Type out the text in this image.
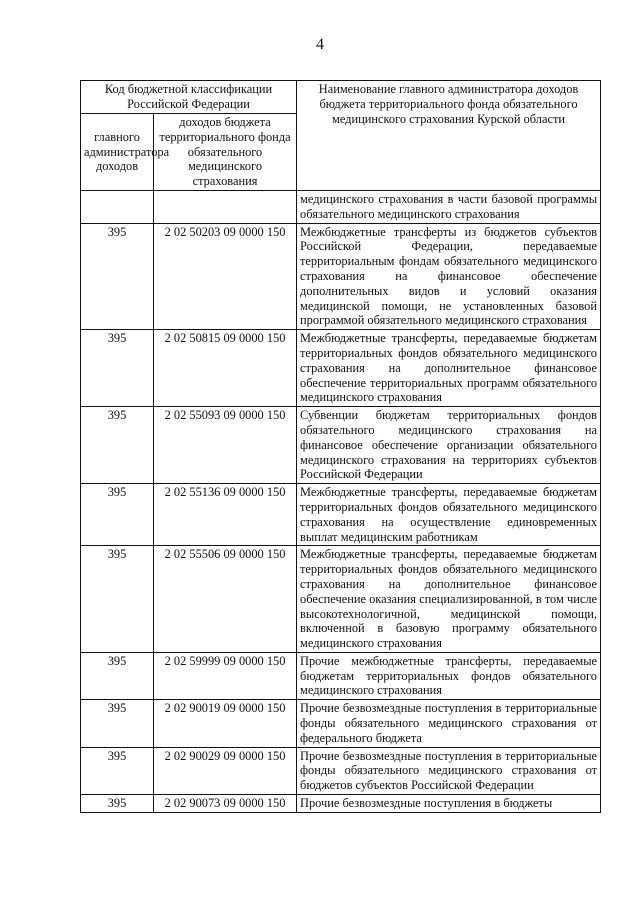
4
Код бюджетной классификации Российской Федерации		Наименование главного администратора доходов бюджета территориального фонда обязательного медицинского страхования Курской области
главного администратора доходов	доходов бюджета территориального фонда обязательного медицинского страхования	
		медицинского страхования в части базовой программы обязательного медицинского страхования
395	2 02 50203 09 0000 150	Межбюджетные трансферты из бюджетов субъектов Российской Федерации, передаваемые территориальным фондам обязательного медицинского страхования на финансовое обеспечение дополнительных видов и условий оказания медицинской помощи, не установленных базовой программой обязательного медицинского страхования
395	2 02 50815 09 0000 150	Межбюджетные трансферты, передаваемые бюджетам территориальных фондов обязательного медицинского страхования на дополнительное финансовое обеспечение территориальных программ обязательного медицинского страхования
395	2 02 55093 09 0000 150	Субвенции бюджетам территориальных фондов обязательного медицинского страхования на финансовое обеспечение организации обязательного медицинского страхования на территориях субъектов Российской Федерации
395	2 02 55136 09 0000 150	Межбюджетные трансферты, передаваемые бюджетам территориальных фондов обязательного медицинского страхования на осуществление единовременных выплат медицинским работникам
395	2 02 55506 09 0000 150	Межбюджетные трансферты, передаваемые бюджетам территориальных фондов обязательного медицинского страхования на дополнительное финансовое обеспечение оказания специализированной, в том числе высокотехнологичной, медицинской помощи, включенной в базовую программу обязательного медицинского страхования
395	2 02 59999 09 0000 150	Прочие межбюджетные трансферты, передаваемые бюджетам территориальных фондов обязательного медицинского страхования
395	2 02 90019 09 0000 150	Прочие безвозмездные поступления в территориальные фонды обязательного медицинского страхования от федерального бюджета
395	2 02 90029 09 0000 150	Прочие безвозмездные поступления в территориальные фонды обязательного медицинского страхования от бюджетов субъектов Российской Федерации
395	2 02 90073 09 0000 150	Прочие безвозмездные поступления в бюджеты
